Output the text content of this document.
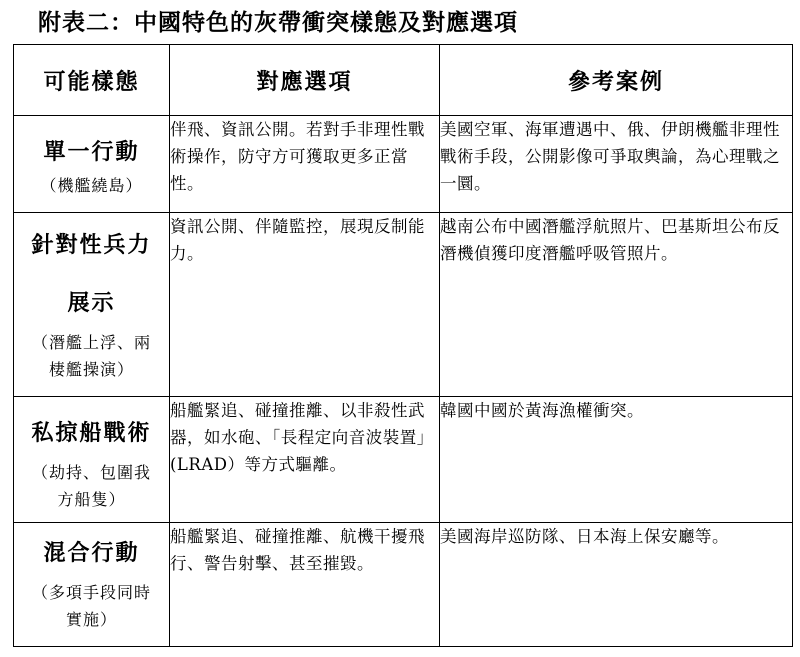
附表二：中國特色的灰帶衝突樣態及對應選項
可能樣態	對應選項	參考案例

單一行動
（機艦繞島）	伴飛、資訊公開。若對手非理性戰術操作，防守方可獲取更多正當性。	美國空軍、海軍遭遇中、俄、伊朗機艦非理性戰術手段，公開影像可爭取輿論，為心理戰之一圜。

針對性兵力
展示
（潛艦上浮、兩
棲艦操演）	資訊公開、伴隨監控，展現反制能力。	越南公布中國潛艦浮航照片、巴基斯坦公布反潛機偵獲印度潛艦呼吸管照片。

私掠船戰術
（劫持、包圍我
方船隻）	船艦緊追、碰撞推離、以非殺性武器，如水砲、「長程定向音波裝置」(LRAD）等方式驅離。	韓國中國於黃海漁權衝突。

混合行動
（多項手段同時
實施）	船艦緊追、碰撞推離、航機干擾飛行、警告射擊、甚至摧毀。	美國海岸巡防隊、日本海上保安廳等。
